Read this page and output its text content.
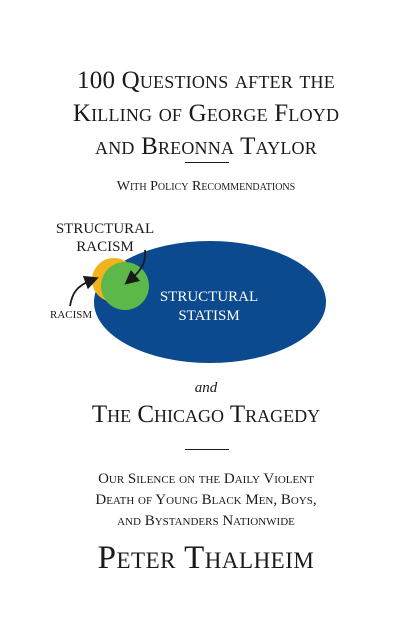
100 Questions after the
Killing of George Floyd
and Breonna Taylor
With Policy Recommendations
STRUCTURAL
RACISM
RACISM
STRUCTURAL
STATISM
and
The Chicago Tragedy
Our Silence on the Daily Violent
Death of Young Black Men, Boys,
and Bystanders Nationwide
Peter Thalheim
